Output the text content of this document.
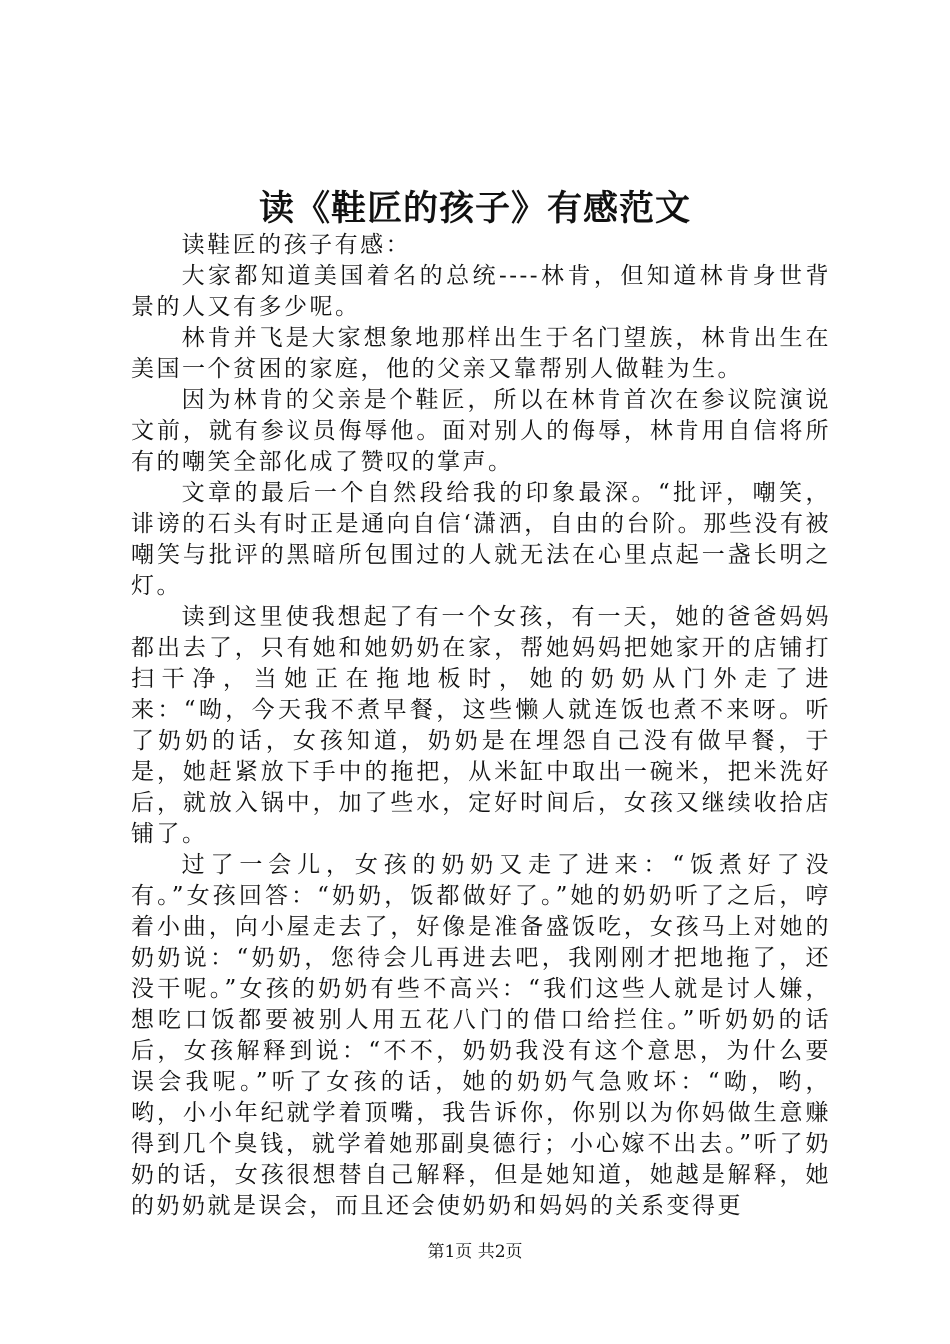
读《鞋匠的孩子》有感范文

读鞋匠的孩子有感：

大家都知道美国着名的总统----林肯，但知道林肯身世背景的人又有多少呢。

林肯并飞是大家想象地那样出生于名门望族，林肯出生在美国一个贫困的家庭，他的父亲又靠帮别人做鞋为生。

因为林肯的父亲是个鞋匠，所以在林肯首次在参议院演说文前，就有参议员侮辱他。面对别人的侮辱，林肯用自信将所有的嘲笑全部化成了赞叹的掌声。

文章的最后一个自然段给我的印象最深。“批评，嘲笑，诽谤的石头有时正是通向自信‘潇洒，自由的台阶。那些没有被嘲笑与批评的黑暗所包围过的人就无法在心里点起一盏长明之灯。

读到这里使我想起了有一个女孩，有一天，她的爸爸妈妈都出去了，只有她和她奶奶在家，帮她妈妈把她家开的店铺打扫干净，当她正在拖地板时，她的奶奶从门外走了进来：“呦，今天我不煮早餐，这些懒人就连饭也煮不来呀。听了奶奶的话，女孩知道，奶奶是在埋怨自己没有做早餐，于是，她赶紧放下手中的拖把，从米缸中取出一碗米，把米洗好后，就放入锅中，加了些水，定好时间后，女孩又继续收拾店铺了。

过了一会儿，女孩的奶奶又走了进来：“饭煮好了没有。”女孩回答：“奶奶，饭都做好了。”她的奶奶听了之后，哼着小曲，向小屋走去了，好像是准备盛饭吃，女孩马上对她的奶奶说：“奶奶，您待会儿再进去吧，我刚刚才把地拖了，还没干呢。”女孩的奶奶有些不高兴：“我们这些人就是讨人嫌，想吃口饭都要被别人用五花八门的借口给拦住。”听奶奶的话后，女孩解释到说：“不不，奶奶我没有这个意思，为什么要误会我呢。”听了女孩的话，她的奶奶气急败坏：“呦，哟，哟，小小年纪就学着顶嘴，我告诉你，你别以为你妈做生意赚得到几个臭钱，就学着她那副臭德行；小心嫁不出去。”听了奶奶的话，女孩很想替自己解释，但是她知道，她越是解释，她的奶奶就是误会，而且还会使奶奶和妈妈的关系变得更

第1页 共2页
